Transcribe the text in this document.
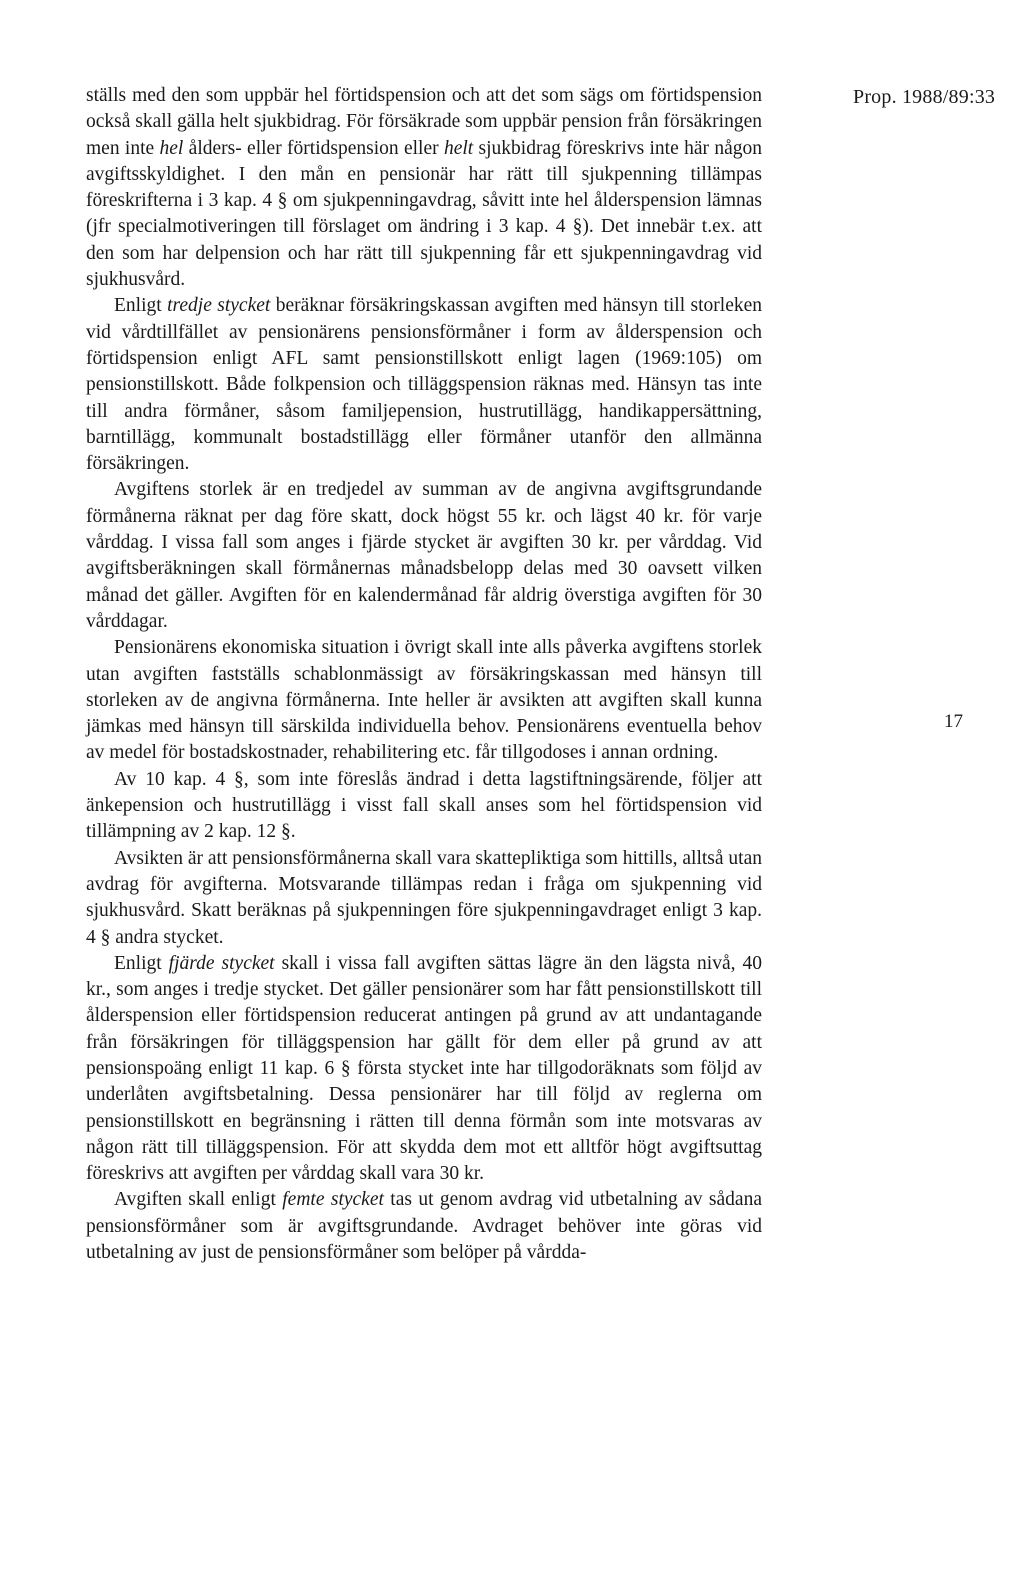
Prop. 1988/89:33

ställs med den som uppbär hel förtidspension och att det som sägs om förtidspension också skall gälla helt sjukbidrag. För försäkrade som uppbär pension från försäkringen men inte hel ålders- eller förtidspension eller helt sjukbidrag föreskrivs inte här någon avgiftsskyldighet. I den mån en pensionär har rätt till sjukpenning tillämpas föreskrifterna i 3 kap. 4 § om sjukpenningavdrag, såvitt inte hel ålderspension lämnas (jfr specialmotiveringen till förslaget om ändring i 3 kap. 4 §). Det innebär t.ex. att den som har delpension och har rätt till sjukpenning får ett sjukpenningavdrag vid sjukhusvård.

Enligt tredje stycket beräknar försäkringskassan avgiften med hänsyn till storleken vid vårdtillfället av pensionärens pensionsförmåner i form av ålderspension och förtidspension enligt AFL samt pensionstillskott enligt lagen (1969:105) om pensionstillskott. Både folkpension och tilläggspension räknas med. Hänsyn tas inte till andra förmåner, såsom familjepension, hustrutillägg, handikappersättning, barntillägg, kommunalt bostadstillägg eller förmåner utanför den allmänna försäkringen.

Avgiftens storlek är en tredjedel av summan av de angivna avgiftsgrundande förmånerna räknat per dag före skatt, dock högst 55 kr. och lägst 40 kr. för varje vårddag. I vissa fall som anges i fjärde stycket är avgiften 30 kr. per vårddag. Vid avgiftsberäkningen skall förmånernas månadsbelopp delas med 30 oavsett vilken månad det gäller. Avgiften för en kalendermånad får aldrig överstiga avgiften för 30 vårddagar.

Pensionärens ekonomiska situation i övrigt skall inte alls påverka avgiftens storlek utan avgiften fastställs schablonmässigt av försäkringskassan med hänsyn till storleken av de angivna förmånerna. Inte heller är avsikten att avgiften skall kunna jämkas med hänsyn till särskilda individuella behov. Pensionärens eventuella behov av medel för bostadskostnader, rehabilitering etc. får tillgodoses i annan ordning.

Av 10 kap. 4 §, som inte föreslås ändrad i detta lagstiftningsärende, följer att änkepension och hustrutillägg i visst fall skall anses som hel förtidspension vid tillämpning av 2 kap. 12 §.

Avsikten är att pensionsförmånerna skall vara skattepliktiga som hittills, alltså utan avdrag för avgifterna. Motsvarande tillämpas redan i fråga om sjukpenning vid sjukhusvård. Skatt beräknas på sjukpenningen före sjukpenningavdraget enligt 3 kap. 4 § andra stycket.

Enligt fjärde stycket skall i vissa fall avgiften sättas lägre än den lägsta nivå, 40 kr., som anges i tredje stycket. Det gäller pensionärer som har fått pensionstillskott till ålderspension eller förtidspension reducerat antingen på grund av att undantagande från försäkringen för tilläggspension har gällt för dem eller på grund av att pensionspoäng enligt 11 kap. 6 § första stycket inte har tillgodoräknats som följd av underlåten avgiftsbetalning. Dessa pensionärer har till följd av reglerna om pensionstillskott en begränsning i rätten till denna förmån som inte motsvaras av någon rätt till tilläggspension. För att skydda dem mot ett alltför högt avgiftsuttag föreskrivs att avgiften per vårddag skall vara 30 kr.

Avgiften skall enligt femte stycket tas ut genom avdrag vid utbetalning av sådana pensionsförmåner som är avgiftsgrundande. Avdraget behöver inte göras vid utbetalning av just de pensionsförmåner som belöper på vårdda-

17
